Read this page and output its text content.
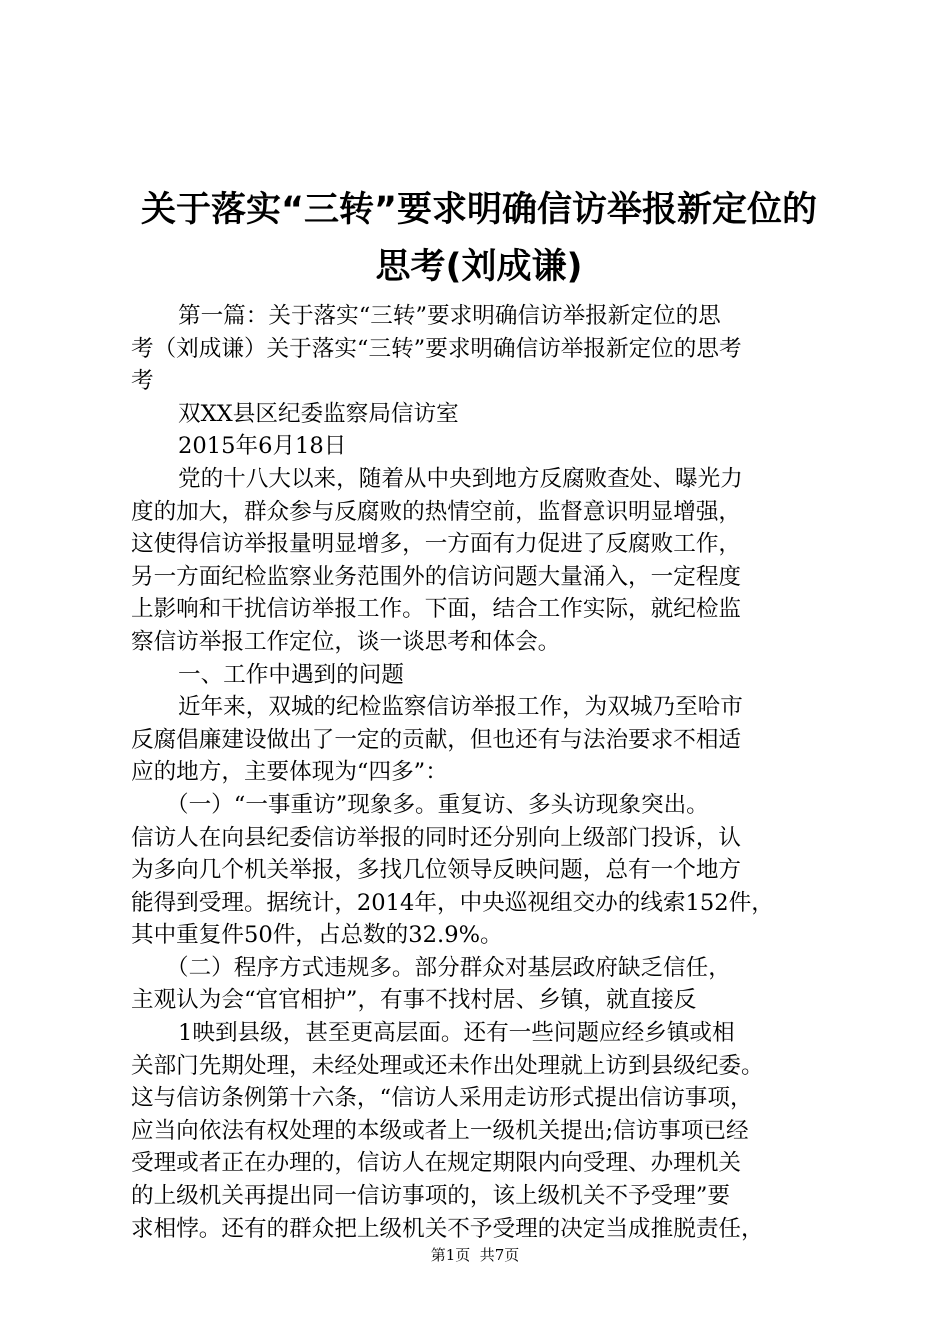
关于落实“三转”要求明确信访举报新定位的
思考(刘成谦)
第一篇：关于落实“三转”要求明确信访举报新定位的思
考（刘成谦）关于落实“三转”要求明确信访举报新定位的思考
考
双XX县区纪委监察局信访室
2015年6月18日
党的十八大以来，随着从中央到地方反腐败查处、曝光力
度的加大，群众参与反腐败的热情空前，监督意识明显增强，
这使得信访举报量明显增多，一方面有力促进了反腐败工作，
另一方面纪检监察业务范围外的信访问题大量涌入，一定程度
上影响和干扰信访举报工作。下面，结合工作实际，就纪检监
察信访举报工作定位，谈一谈思考和体会。
一、工作中遇到的问题
近年来，双城的纪检监察信访举报工作，为双城乃至哈市
反腐倡廉建设做出了一定的贡献，但也还有与法治要求不相适
应的地方，主要体现为“四多”：
（一）“一事重访”现象多。重复访、多头访现象突出。
信访人在向县纪委信访举报的同时还分别向上级部门投诉，认
为多向几个机关举报，多找几位领导反映问题，总有一个地方
能得到受理。据统计，2014年，中央巡视组交办的线索152件，
其中重复件50件，占总数的32.9%。
（二）程序方式违规多。部分群众对基层政府缺乏信任，
主观认为会“官官相护”，有事不找村居、乡镇，就直接反
1映到县级，甚至更高层面。还有一些问题应经乡镇或相
关部门先期处理，未经处理或还未作出处理就上访到县级纪委。
这与信访条例第十六条，“信访人采用走访形式提出信访事项，
应当向依法有权处理的本级或者上一级机关提出;信访事项已经
受理或者正在办理的，信访人在规定期限内向受理、办理机关
的上级机关再提出同一信访事项的，该上级机关不予受理”要
求相悖。还有的群众把上级机关不予受理的决定当成推脱责任，
第1页  共7页
